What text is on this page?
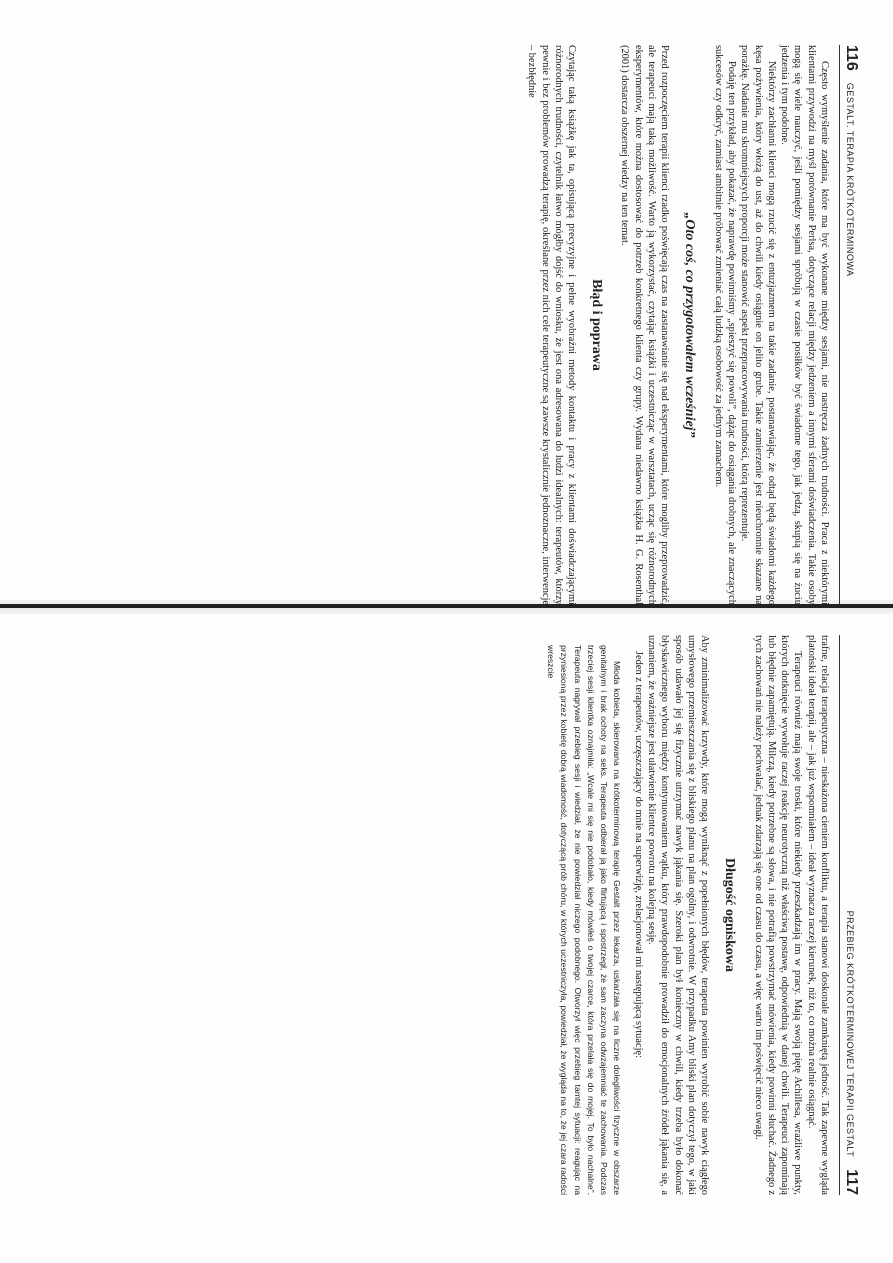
116
GESTALT. TERAPIA KRÓTKOTERMINOWA

Często wymyślenie zadania, które ma być wykonane między sesjami, nie nastręcza żadnych trudności. Praca z niektórymi klientami przywodzi na myśl porównanie Perlsa, dotyczące relacji między jedzeniem a innymi sferami doświadczenia. Takie osoby mogą się wiele nauczyć, jeśli pomiędzy sesjami spróbują w czasie posiłków być świadome tego, jak jedzą, skupią się na żuciu jedzenia i tym podobne.

Niektórzy zachłanni klienci mogą rzucić się z entuzjazmem na takie zadanie, postanawiając, że odtąd będą świadomi każdego kęsa pożywienia, który włożą do ust, aż do chwili kiedy osiągnie on jelito grube. Takie zamierzenie jest nieuchronnie skazane na porażkę. Nadanie mu skromniejszych proporcji może stanowić aspekt przepracowywania trudności, którą reprezentuje.

Podaję ten przykład, aby pokazać, że naprawdę powinniśmy „spieszyć się powoli”, dążąc do osiągania drobnych, ale znaczących sukcesów czy odkryć, zamiast ambitnie próbować zmieniać całą ludzką osobowość za jednym zamachem.

„Oto coś, co przygotowałem wcześniej”

Przed rozpoczęciem terapii klienci rzadko poświęcają czas na zastanawianie się nad eksperymentami, które mogliby przeprowadzić, ale terapeuci mają taką możliwość. Warto ją wykorzystać, czytając książki i uczestnicząc w warsztatach, ucząc się różnorodnych eksperymentów, które można dostosować do potrzeb konkretnego klienta czy grupy. Wydana niedawno książka H. G. Rosenthal (2001) dostarcza obszernej wiedzy na ten temat.

Błąd i poprawa

Czytając taką książkę jak ta, opisującą precyzyjne i pełne wyobraźni metody kontaktu i pracy z klientami doświadczającymi różnorodnych trudności, czytelnik łatwo mógłby dojść do wniosku, że jest ona adresowana do ludzi idealnych: terapeutów, którzy pewnie i bez problemów prowadzą terapię, określane przez nich cele terapeutyczne są zawsze krystalicznie jednoznaczne, interwencje – bezbłędnie

PRZEBIEG KRÓTKOTERMINOWEJ TERAPII GESTALT
117

trafne, relacja terapeutyczna – nieskażona cieniem konfliktu, a terapia stanowi doskonale zamkniętą jedność. Tak zapewne wygląda platoński ideał terapii, ale – jak już wspomniałem – ideał wyznacza raczej kierunek, niż to, co można realnie osiągnąć.

Terapeuci również mają swoje troski, które niekiedy przeszkadzają im w pracy. Mają swoją piętę Achillesa, wrażliwe punkty, których dotknięcie wywołuje raczej reakcję neurotyczną niż właściwą postawę, odpowiednią w danej chwili. Terapeuci zapominają lub błędnie zapamiętują. Milczą, kiedy potrzebne są słowa, i nie potrafią powstrzymać mówienia, kiedy powinni słuchać. Żadnego z tych zachowań nie należy pochwalać, jednak zdarzają się one od czasu do czasu, a więc warto im poświęcić nieco uwagi.

Długość ogniskowa

Aby zminimalizować krzywdy, które mogą wyniknąć z popełnionych błędów, terapeuta powinien wyrobić sobie nawyk ciągłego umysłowego przemieszczania się z bliskiego planu na plan ogólny, i odwrotnie. W przypadku Amy bliski plan dotyczył tego, w jaki sposób udawało jej się fizycznie utrzymać nawyk jąkania się. Szeroki plan był konieczny w chwili, kiedy trzeba było dokonać błyskawicznego wyboru między kontynuowaniem wątku, który prawdopodobnie prowadził do emocjonalnych źródeł jąkania się, a uznaniem, że ważniejsze jest ułatwienie klientce powrotu na kolejną sesję.

Jeden z terapeutów, uczęszczający do mnie na superwizję, zrelacjonował mi następującą sytuację:

Młoda kobieta, skierowana na krótkoterminową terapię Gestalt przez lekarza, uskarżała się na liczne dolegliwości fizyczne w obszarze genitalnym i brak ochoty na seks. Terapeuta odbierał ją jako flirtującą i spostrzegł, że sam zaczyna odwzajemniać te zachowania. Podczas trzeciej sesji klientka oznajmiła: „Wcale mi się nie podobało, kiedy mówiłeś o twojej czarce, która przelała się do mojej. To było nachalne”. Terapeuta nagrywał przebieg sesji i wiedział, że nie powiedział niczego podobnego. Otworzył więc przebieg tamtej sytuacji: reagując na przyniesioną przez kobietę dobrą wiadomość, dotyczącą prób chóru, w których uczestniczyła, powiedział, że wygląda na to, że jej czara radości wreszcie
